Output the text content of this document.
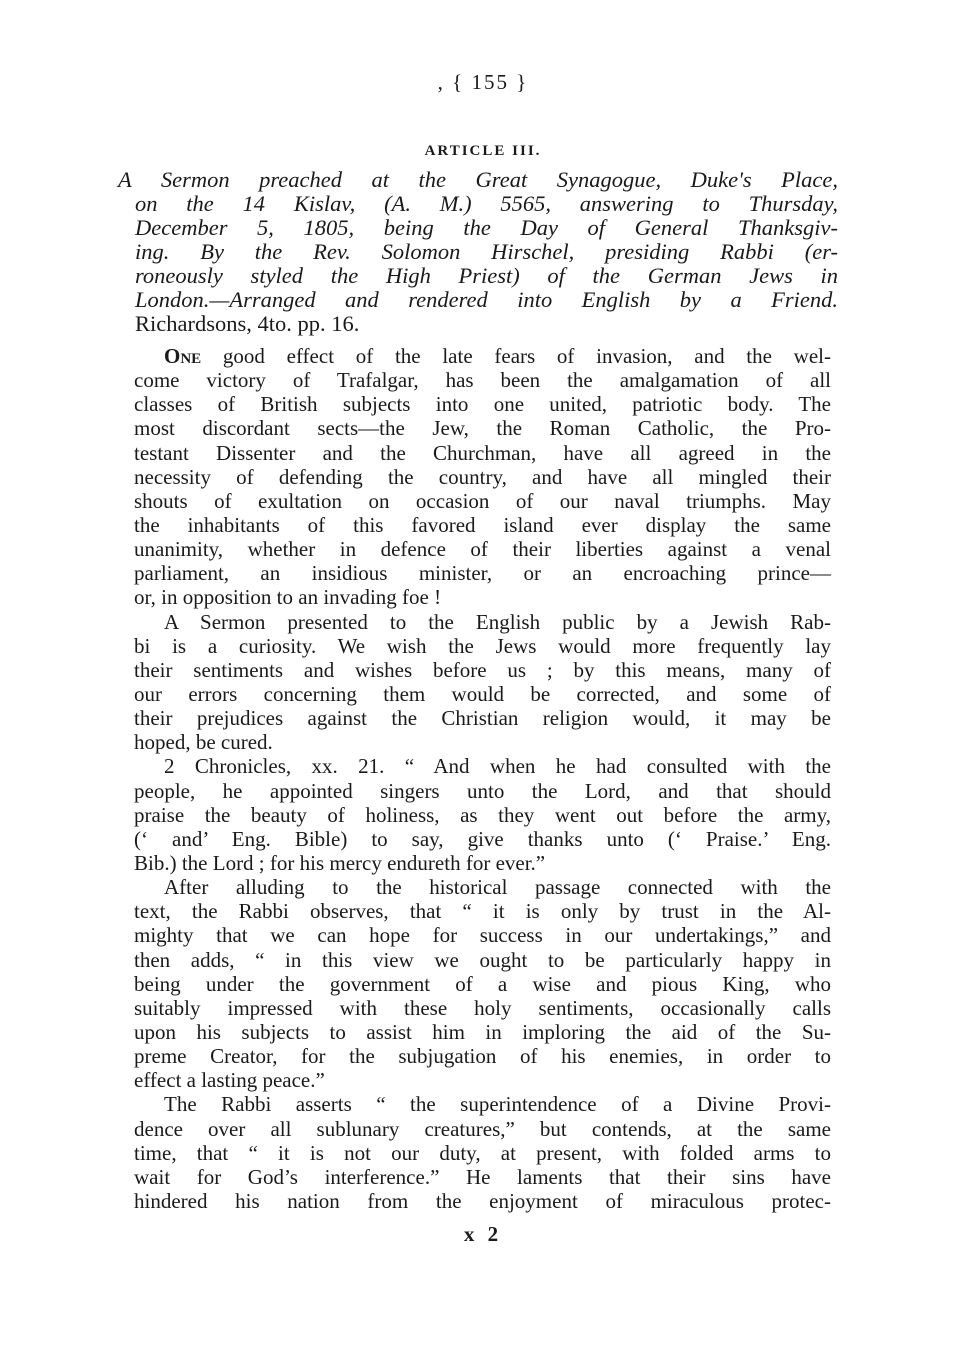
, { 155 }
ARTICLE III.
A Sermon preached at the Great Synagogue, Duke's Place,
on the 14 Kislav, (A. M.) 5565, answering to Thursday,
December 5, 1805, being the Day of General Thanksgiv-
ing. By the Rev. Solomon Hirschel, presiding Rabbi (er-
roneously styled the High Priest) of the German Jews in
London.—Arranged and rendered into English by a Friend.
Richardsons, 4to. pp. 16.
One good effect of the late fears of invasion, and the wel-
come victory of Trafalgar, has been the amalgamation of all
classes of British subjects into one united, patriotic body. The
most discordant sects—the Jew, the Roman Catholic, the Pro-
testant Dissenter and the Churchman, have all agreed in the
necessity of defending the country, and have all mingled their
shouts of exultation on occasion of our naval triumphs. May
the inhabitants of this favored island ever display the same
unanimity, whether in defence of their liberties against a venal
parliament, an insidious minister, or an encroaching prince—
or, in opposition to an invading foe !
A Sermon presented to the English public by a Jewish Rab-
bi is a curiosity. We wish the Jews would more frequently lay
their sentiments and wishes before us ; by this means, many of
our errors concerning them would be corrected, and some of
their prejudices against the Christian religion would, it may be
hoped, be cured.
2 Chronicles, xx. 21. “ And when he had consulted with the
people, he appointed singers unto the Lord, and that should
praise the beauty of holiness, as they went out before the army,
(‘ and’ Eng. Bible) to say, give thanks unto (‘ Praise.’ Eng.
Bib.) the Lord ; for his mercy endureth for ever.”
After alluding to the historical passage connected with the
text, the Rabbi observes, that “ it is only by trust in the Al-
mighty that we can hope for success in our undertakings,” and
then adds, “ in this view we ought to be particularly happy in
being under the government of a wise and pious King, who
suitably impressed with these holy sentiments, occasionally calls
upon his subjects to assist him in imploring the aid of the Su-
preme Creator, for the subjugation of his enemies, in order to
effect a lasting peace.”
The Rabbi asserts “ the superintendence of a Divine Provi-
dence over all sublunary creatures,” but contends, at the same
time, that “ it is not our duty, at present, with folded arms to
wait for God’s interference.” He laments that their sins have
hindered his nation from the enjoyment of miraculous protec-
x 2
